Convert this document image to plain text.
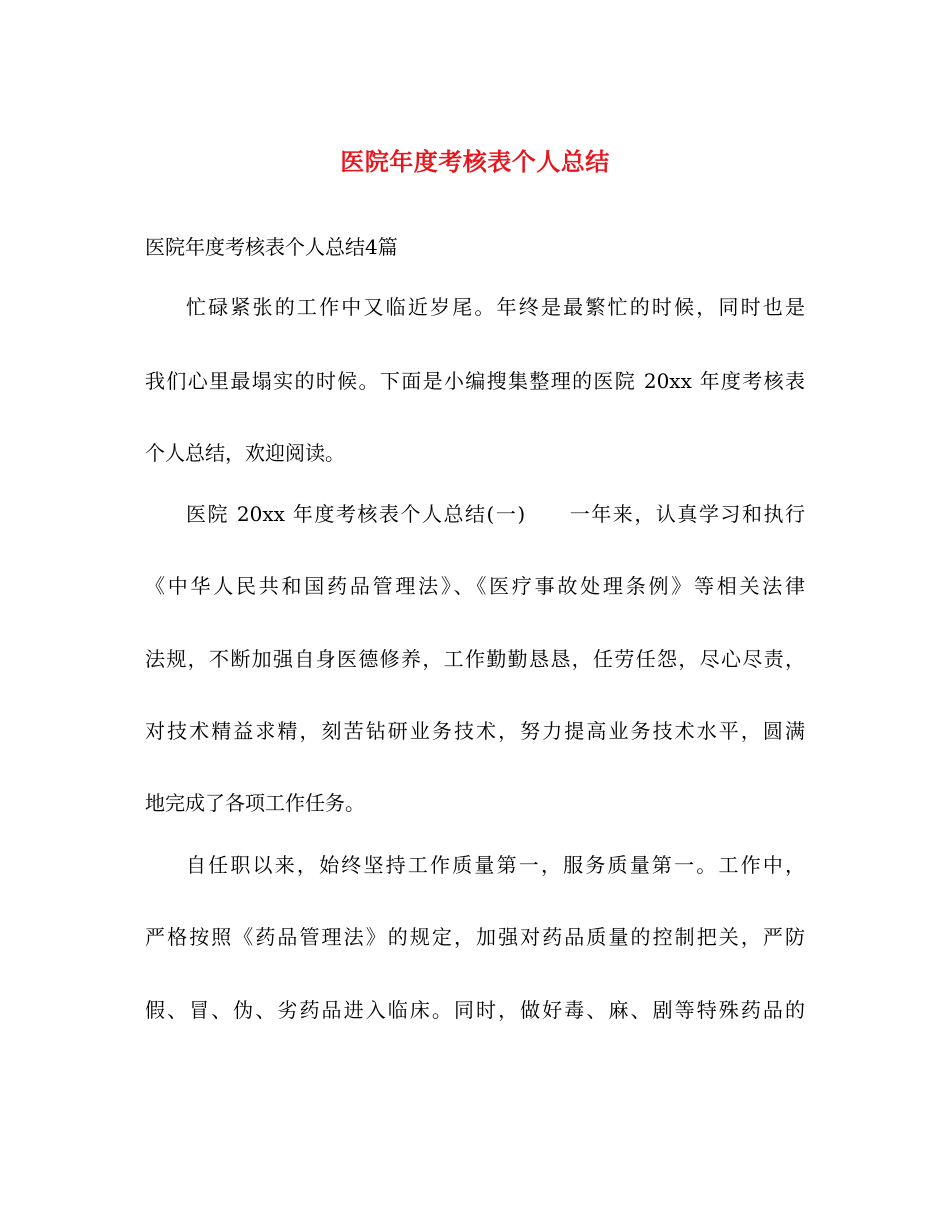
医院年度考核表个人总结
医院年度考核表个人总结4篇
忙碌紧张的工作中又临近岁尾。年终是最繁忙的时候，同时也是
我们心里最塌实的时候。下面是小编搜集整理的医院 20xx 年度考核表
个人总结，欢迎阅读。
医院 20xx 年度考核表个人总结(一)　　一年来，认真学习和执行
《中华人民共和国药品管理法》、《医疗事故处理条例》等相关法律
法规，不断加强自身医德修养，工作勤勤恳恳，任劳任怨，尽心尽责，
对技术精益求精，刻苦钻研业务技术，努力提高业务技术水平，圆满
地完成了各项工作任务。
自任职以来，始终坚持工作质量第一，服务质量第一。工作中，
严格按照《药品管理法》的规定，加强对药品质量的控制把关，严防
假、冒、伪、劣药品进入临床。同时，做好毒、麻、剧等特殊药品的
